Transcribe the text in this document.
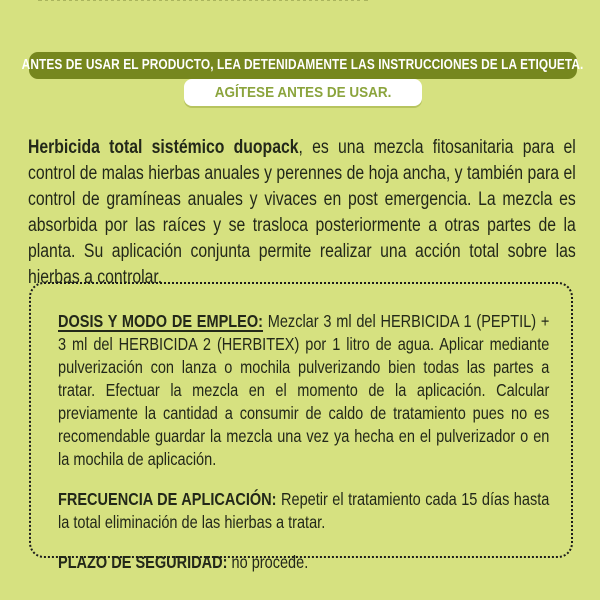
ANTES DE USAR EL PRODUCTO, LEA DETENIDAMENTE LAS INSTRUCCIONES DE LA ETIQUETA.
AGÍTESE ANTES DE USAR.

Herbicida total sistémico duopack, es una mezcla fitosanitaria para el control de malas hierbas anuales y perennes de hoja ancha, y también para el control de gramíneas anuales y vivaces en post emergencia. La mezcla es absorbida por las raíces y se trasloca posteriormente a otras partes de la planta. Su aplicación conjunta permite realizar una acción total sobre las hierbas a controlar.

DOSIS Y MODO DE EMPLEO: Mezclar 3 ml del HERBICIDA 1 (PEPTIL) + 3 ml del HERBICIDA 2 (HERBITEX) por 1 litro de agua. Aplicar mediante pulverización con lanza o mochila pulverizando bien todas las partes a tratar. Efectuar la mezcla en el momento de la aplicación. Calcular previamente la cantidad a consumir de caldo de tratamiento pues no es recomendable guardar la mezcla una vez ya hecha en el pulverizador o en la mochila de aplicación.

FRECUENCIA DE APLICACIÓN: Repetir el tratamiento cada 15 días hasta la total eliminación de las hierbas a tratar.

PLAZO DE SEGURIDAD: no procede.
